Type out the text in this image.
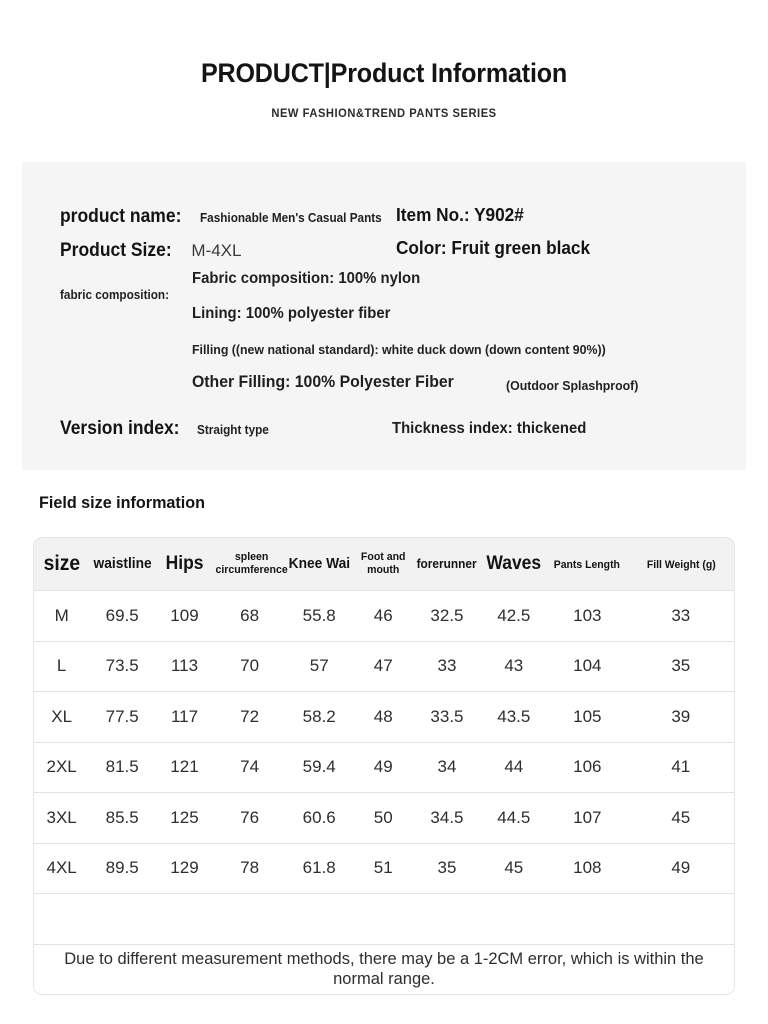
PRODUCT|Product Information
NEW FASHION&TREND PANTS SERIES
product name: Fashionable Men's Casual Pants Item No.: Y902#
Product Size: M-4XL	Color: Fruit green black
fabric composition:
Fabric composition: 100% nylon
Lining: 100% polyester fiber
Filling ((new national standard): white duck down (down content 90%))
Other Filling: 100% Polyester Fiber	(Outdoor Splashproof)
Version index: Straight type	Thickness index: thickened
Field size information
size	waistline	Hips	spleen
circumference	Knee Wai	Foot and
mouth	forerunner	Waves	Pants Length	Fill Weight (g)
M	69.5	109	68	55.8	46	32.5	42.5	103	33
L	73.5	113	70	57	47	33	43	104	35
XL	77.5	117	72	58.2	48	33.5	43.5	105	39
2XL	81.5	121	74	59.4	49	34	44	106	41
3XL	85.5	125	76	60.6	50	34.5	44.5	107	45
4XL	89.5	129	78	61.8	51	35	45	108	49

Due to different measurement methods, there may be a 1-2CM error, which is within the normal range.									
